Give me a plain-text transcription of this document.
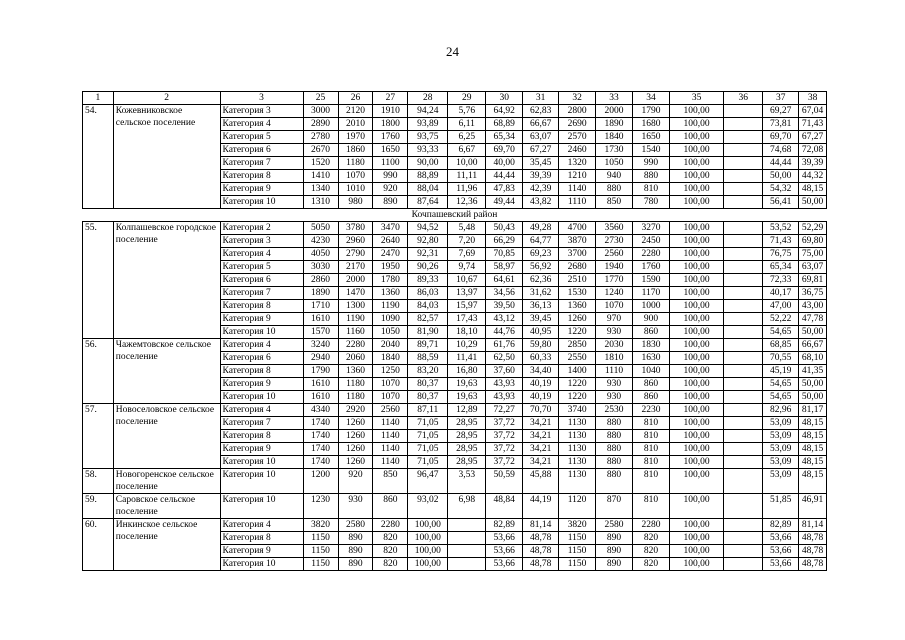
24
1	2	3	25	26	27	28	29	30	31	32	33	34	35	36	37	38
54.	Кожевниковское сельское поселение	Категория 3	3000	2120	1910	94,24	5,76	64,92	62,83	2800	2000	1790	100,00		69,27	67,04
		Категория 4	2890	2010	1800	93,89	6,11	68,89	66,67	2690	1890	1680	100,00		73,81	71,43
		Категория 5	2780	1970	1760	93,75	6,25	65,34	63,07	2570	1840	1650	100,00		69,70	67,27
		Категория 6	2670	1860	1650	93,33	6,67	69,70	67,27	2460	1730	1540	100,00		74,68	72,08
		Категория 7	1520	1180	1100	90,00	10,00	40,00	35,45	1320	1050	990	100,00		44,44	39,39
		Категория 8	1410	1070	990	88,89	11,11	44,44	39,39	1210	940	880	100,00		50,00	44,32
		Категория 9	1340	1010	920	88,04	11,96	47,83	42,39	1140	880	810	100,00		54,32	48,15
		Категория 10	1310	980	890	87,64	12,36	49,44	43,82	1110	850	780	100,00		56,41	50,00
Кочпашевский район																
55.	Колпашевское городское поселение	Категория 2	5050	3780	3470	94,52	5,48	50,43	49,28	4700	3560	3270	100,00		53,52	52,29
		Категория 3	4230	2960	2640	92,80	7,20	66,29	64,77	3870	2730	2450	100,00		71,43	69,80
		Категория 4	4050	2790	2470	92,31	7,69	70,85	69,23	3700	2560	2280	100,00		76,75	75,00
		Категория 5	3030	2170	1950	90,26	9,74	58,97	56,92	2680	1940	1760	100,00		65,34	63,07
		Категория 6	2860	2000	1780	89,33	10,67	64,61	62,36	2510	1770	1590	100,00		72,33	69,81
		Категория 7	1890	1470	1360	86,03	13,97	34,56	31,62	1530	1240	1170	100,00		40,17	36,75
		Категория 8	1710	1300	1190	84,03	15,97	39,50	36,13	1360	1070	1000	100,00		47,00	43,00
		Категория 9	1610	1190	1090	82,57	17,43	43,12	39,45	1260	970	900	100,00		52,22	47,78
		Категория 10	1570	1160	1050	81,90	18,10	44,76	40,95	1220	930	860	100,00		54,65	50,00
56.	Чажемтовское сельское поселение	Категория 4	3240	2280	2040	89,71	10,29	61,76	59,80	2850	2030	1830	100,00		68,85	66,67
		Категория 6	2940	2060	1840	88,59	11,41	62,50	60,33	2550	1810	1630	100,00		70,55	68,10
		Категория 8	1790	1360	1250	83,20	16,80	37,60	34,40	1400	1110	1040	100,00		45,19	41,35
		Категория 9	1610	1180	1070	80,37	19,63	43,93	40,19	1220	930	860	100,00		54,65	50,00
		Категория 10	1610	1180	1070	80,37	19,63	43,93	40,19	1220	930	860	100,00		54,65	50,00
57.	Новоселовское сельское поселение	Категория 4	4340	2920	2560	87,11	12,89	72,27	70,70	3740	2530	2230	100,00		82,96	81,17
		Категория 7	1740	1260	1140	71,05	28,95	37,72	34,21	1130	880	810	100,00		53,09	48,15
		Категория 8	1740	1260	1140	71,05	28,95	37,72	34,21	1130	880	810	100,00		53,09	48,15
		Категория 9	1740	1260	1140	71,05	28,95	37,72	34,21	1130	880	810	100,00		53,09	48,15
		Категория 10	1740	1260	1140	71,05	28,95	37,72	34,21	1130	880	810	100,00		53,09	48,15
58.	Новогоренское сельское поселение	Категория 10	1200	920	850	96,47	3,53	50,59	45,88	1130	880	810	100,00		53,09	48,15
59.	Саровское сельское поселение	Категория 10	1230	930	860	93,02	6,98	48,84	44,19	1120	870	810	100,00		51,85	46,91
60.	Инкинское сельское поселение	Категория 4	3820	2580	2280	100,00		82,89	81,14	3820	2580	2280	100,00		82,89	81,14
		Категория 8	1150	890	820	100,00		53,66	48,78	1150	890	820	100,00		53,66	48,78
		Категория 9	1150	890	820	100,00		53,66	48,78	1150	890	820	100,00		53,66	48,78
		Категория 10	1150	890	820	100,00		53,66	48,78	1150	890	820	100,00		53,66	48,78
